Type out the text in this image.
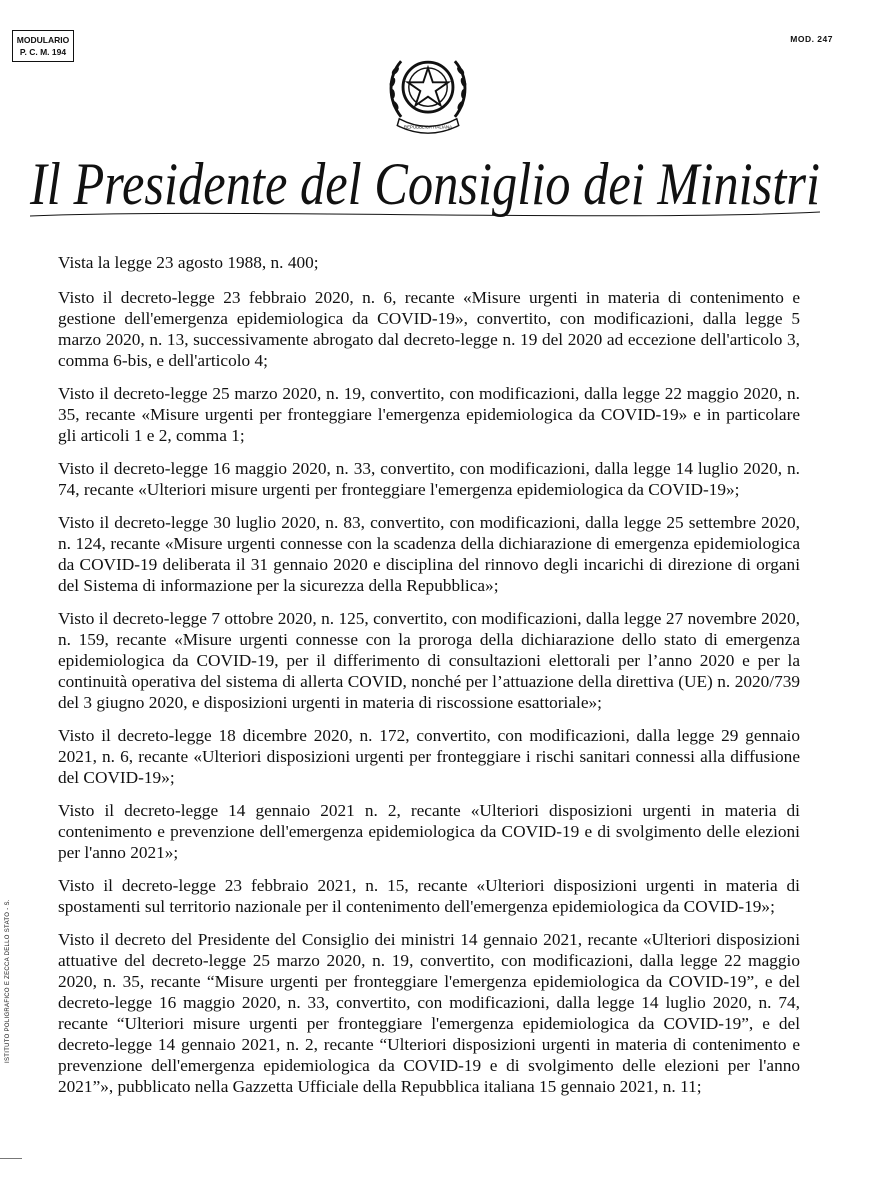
MODULARIO
P. C. M. 194
MOD. 247
REPUBBLICA ITALIANA
Il Presidente del Consiglio dei Ministri
ISTITUTO POLIGRAFICO E ZECCA DELLO STATO - S.

Vista la legge 23 agosto 1988, n. 400;

Visto il decreto-legge 23 febbraio 2020, n. 6, recante «Misure urgenti in materia di contenimento e gestione dell'emergenza epidemiologica da COVID-19», convertito, con modificazioni, dalla legge 5 marzo 2020, n. 13, successivamente abrogato dal decreto-legge n. 19 del 2020 ad eccezione dell'articolo 3, comma 6-bis, e dell'articolo 4;

Visto il decreto-legge 25 marzo 2020, n. 19, convertito, con modificazioni, dalla legge 22 maggio 2020, n. 35, recante «Misure urgenti per fronteggiare l'emergenza epidemiologica da COVID-19» e in particolare gli articoli 1 e 2, comma 1;

Visto il decreto-legge 16 maggio 2020, n. 33, convertito, con modificazioni, dalla legge 14 luglio 2020, n. 74, recante «Ulteriori misure urgenti per fronteggiare l'emergenza epidemiologica da COVID-19»;

Visto il decreto-legge 30 luglio 2020, n. 83, convertito, con modificazioni, dalla legge 25 settembre 2020, n. 124, recante «Misure urgenti connesse con la scadenza della dichiarazione di emergenza epidemiologica da COVID-19 deliberata il 31 gennaio 2020 e disciplina del rinnovo degli incarichi di direzione di organi del Sistema di informazione per la sicurezza della Repubblica»;

Visto il decreto-legge 7 ottobre 2020, n. 125, convertito, con modificazioni, dalla legge 27 novembre 2020, n. 159, recante «Misure urgenti connesse con la proroga della dichiarazione dello stato di emergenza epidemiologica da COVID-19, per il differimento di consultazioni elettorali per l’anno 2020 e per la continuità operativa del sistema di allerta COVID, nonché per l’attuazione della direttiva (UE) n. 2020/739 del 3 giugno 2020, e disposizioni urgenti in materia di riscossione esattoriale»;

Visto il decreto-legge 18 dicembre 2020, n. 172, convertito, con modificazioni, dalla legge 29 gennaio 2021, n. 6, recante «Ulteriori disposizioni urgenti per fronteggiare i rischi sanitari connessi alla diffusione del COVID-19»;

Visto il decreto-legge 14 gennaio 2021 n. 2, recante «Ulteriori disposizioni urgenti in materia di contenimento e prevenzione dell'emergenza epidemiologica da COVID-19 e di svolgimento delle elezioni per l'anno 2021»;

Visto il decreto-legge 23 febbraio 2021, n. 15, recante «Ulteriori disposizioni urgenti in materia di spostamenti sul territorio nazionale per il contenimento dell'emergenza epidemiologica da COVID-19»;

Visto il decreto del Presidente del Consiglio dei ministri 14 gennaio 2021, recante «Ulteriori disposizioni attuative del decreto-legge 25 marzo 2020, n. 19, convertito, con modificazioni, dalla legge 22 maggio 2020, n. 35, recante “Misure urgenti per fronteggiare l'emergenza epidemiologica da COVID-19”, e del decreto-legge 16 maggio 2020, n. 33, convertito, con modificazioni, dalla legge 14 luglio 2020, n. 74, recante “Ulteriori misure urgenti per fronteggiare l'emergenza epidemiologica da COVID-19”, e del decreto-legge 14 gennaio 2021, n. 2, recante “Ulteriori disposizioni urgenti in materia di contenimento e prevenzione dell'emergenza epidemiologica da COVID-19 e di svolgimento delle elezioni per l'anno 2021”», pubblicato nella Gazzetta Ufficiale della Repubblica italiana 15 gennaio 2021, n. 11;
